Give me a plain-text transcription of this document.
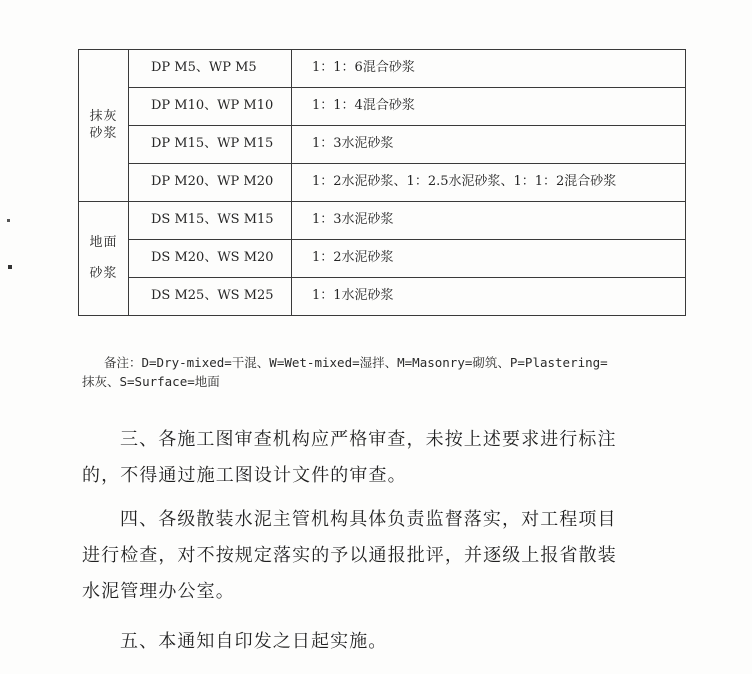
抹灰
砂浆	DP M5、WP M5	1：1：6混合砂浆
	DP M10、WP M10	1：1：4混合砂浆
	DP M15、WP M15	1：3水泥砂浆
	DP M20、WP M20	1：2水泥砂浆、1：2.5水泥砂浆、1：1：2混合砂浆

地面
砂浆	DS M15、WS M15	1：3水泥砂浆
	DS M20、WS M20	1：2水泥砂浆
	DS M25、WS M25	1：1水泥砂浆
备注：D=Dry-mixed=干混、W=Wet-mixed=湿拌、M=Masonry=砌筑、P=Plastering=
抹灰、S=Surface=地面
三、各施工图审查机构应严格审查，未按上述要求进行标注
的，不得通过施工图设计文件的审查。
四、各级散装水泥主管机构具体负责监督落实，对工程项目
进行检查，对不按规定落实的予以通报批评，并逐级上报省散装
水泥管理办公室。
五、本通知自印发之日起实施。
